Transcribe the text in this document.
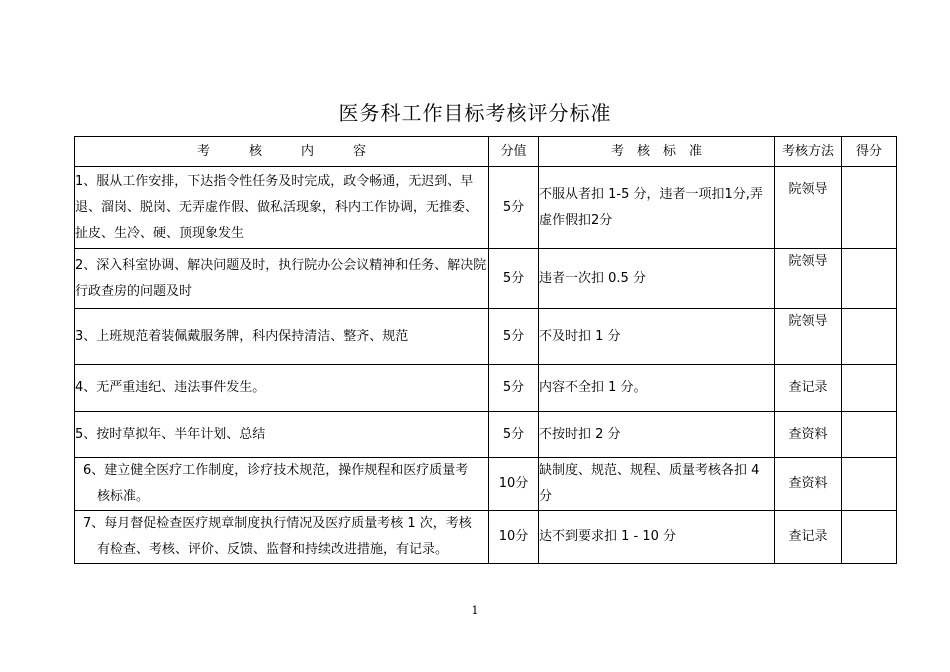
医务科工作目标考核评分标准
考　　　核　　　内　　　容	分值	考　核　标　准	考核方法	得分
1、服从工作安排，下达指令性任务及时完成，政令畅通，无迟到、早退、溜岗、脱岗、无弄虚作假、做私活现象，科内工作协调，无推委、扯皮、生冷、硬、顶现象发生	5分	不服从者扣 1-5 分，违者一项扣1分,弄虚作假扣2分	院领导	
2、深入科室协调、解决问题及时，执行院办公会议精神和任务、解决院行政查房的问题及时	5分	违者一次扣 0.5 分	院领导	
3、上班规范着装佩戴服务牌，科内保持清洁、整齐、规范	5分	不及时扣 1 分	院领导	
4、无严重违纪、违法事件发生。	5分	内容不全扣 1 分。	查记录	
5、按时草拟年、半年计划、总结	5分	不按时扣 2 分	查资料	

6、建立健全医疗工作制度，诊疗技术规范，操作规程和医疗质量考
核标准。	10分	缺制度、规范、规程、质量考核各扣 4 分	查资料	

7、每月督促检查医疗规章制度执行情况及医疗质量考核 1 次，考核
有检查、考核、评价、反馈、监督和持续改进措施，有记录。	10分	达不到要求扣 1 - 10 分	查记录	
1
